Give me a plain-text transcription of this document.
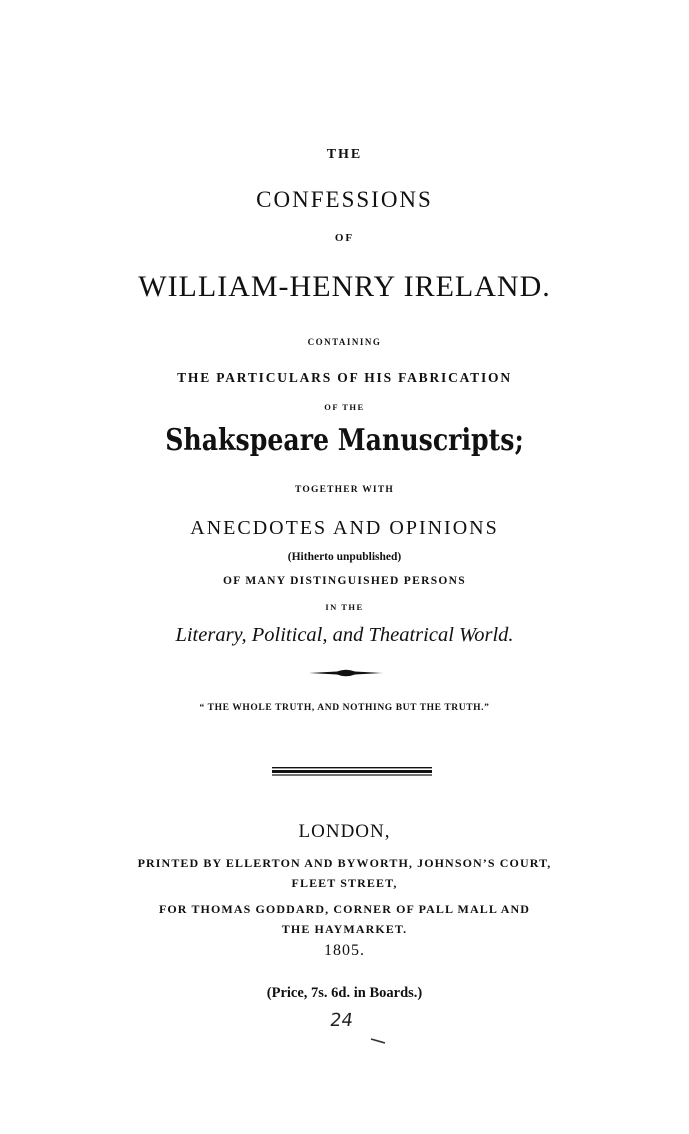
THE
CONFESSIONS
OF
WILLIAM-HENRY IRELAND.
CONTAINING
THE PARTICULARS OF HIS FABRICATION
OF THE
Shakspeare Manuscripts;
TOGETHER WITH
ANECDOTES AND OPINIONS
(Hitherto unpublished)
OF MANY DISTINGUISHED PERSONS
IN THE
Literary, Political, and Theatrical World.
“ THE WHOLE TRUTH, AND NOTHING BUT THE TRUTH.”
LONDON,
PRINTED BY ELLERTON AND BYWORTH, JOHNSON’S COURT,
FLEET STREET,
FOR THOMAS GODDARD, CORNER OF PALL MALL AND
THE HAYMARKET.
1805.
(Price, 7s. 6d. in Boards.)
24
